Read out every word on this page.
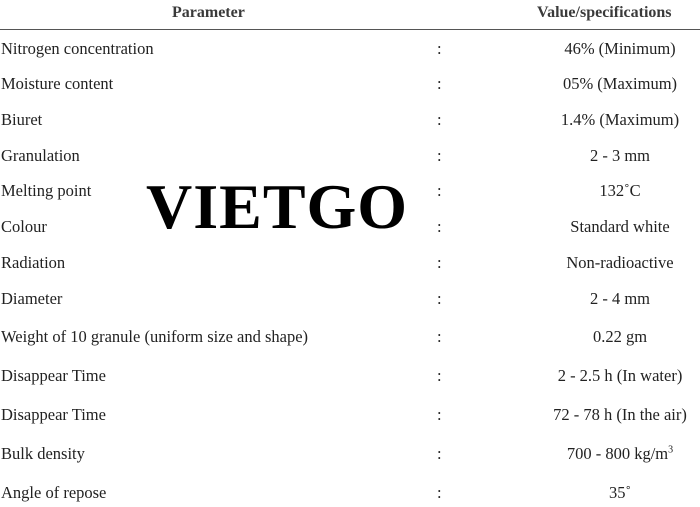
Parameter	Value/specifications
Nitrogen concentration	:	46% (Minimum)
Moisture content	:	05% (Maximum)
Biuret	:	1.4% (Maximum)
Granulation	:	2 - 3 mm
Melting point	:	132˚C
Colour	:	Standard white
Radiation	:	Non-radioactive
Diameter	:	2 - 4 mm
Weight of 10 granule (uniform size and shape)	:	0.22 gm
Disappear Time	:	2 - 2.5 h (In water)
Disappear Time	:	72 - 78 h (In the air)
Bulk density	:	700 - 800 $kg/m^3$
Angle of repose	:	35˚
VIETGO
